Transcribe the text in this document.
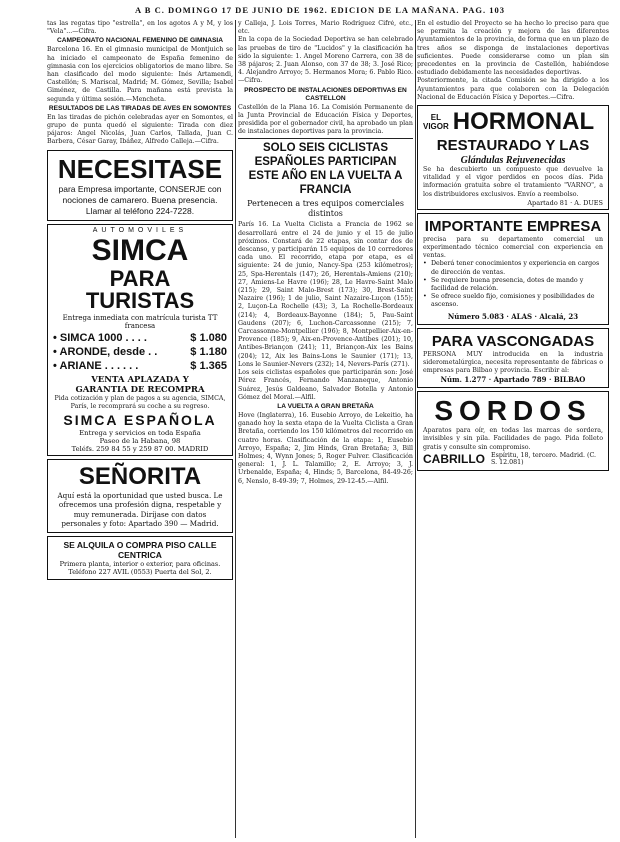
A B C. DOMINGO 17 DE JUNIO DE 1962. EDICION DE LA MAÑANA. PAG. 103

tas las regatas tipo "estrella", en los agotos A y M, y los "Vela"...—Cifra.

CAMPEONATO NACIONAL FEMENINO DE GIMNASIA

Barcelona 16. En el gimnasio municipal de Montjuich se ha iniciado el campeonato de España femenino de gimnasia con los ejercicios obligatorios de mano libre. Se han clasificado del modo siguiente: Inés Artamendi, Castellón; S. Mariscal, Madrid; M. Gómez, Sevilla; Isabel Giménez, de Castilla. Para mañana está prevista la segunda y última sesión.—Mencheta.

RESULTADOS DE LAS TIRADAS DE AVES EN SOMONTES

En las tiradas de pichón celebradas ayer en Somontes, el grupo de punta quedó el siguiente: Tirada con diez pájaros: Angel Nicolás, Juan Carlos, Tallada, Juan C. Barbera, César Garay, Ibáñez, Alfredo Calleja.—Cifra.

NECESITASE
para Empresa importante, CONSERJE con nociones de camarero. Buena presencia. Llamar al teléfono 224-7228.
AUTOMOVILES
SIMCA
PARA TURISTAS
Entrega inmediata con matrícula turista TT francesa
• SIMCA 1000 . . . .	$ 1.080
• ARONDE, desde . .	$ 1.180
• ARIANE . . . . . .	$ 1.365
VENTA APLAZADA Y
GARANTIA DE RECOMPRA
Pida cotización y plan de pagos a su agencia, SIMCA, París, le recomprará su coche a su regreso.
SIMCA ESPAÑOLA
Entrega y servicios en toda España
Paseo de la Habana, 98
Teléfs. 259 84 55 y 259 87 00. MADRID
SEÑORITA
Aquí está la oportunidad que usted busca. Le ofrecemos una profesión digna, respetable y muy remunerada. Diríjase con datos personales y foto: Apartado 390 — Madrid.
SE ALQUILA O COMPRA PISO CALLE CENTRICA
Primera planta, interior o exterior, para oficinas. Teléfono 227 AVIL (0553) Puerta del Sol, 2.

y Calleja, J. Lois Torres, Mario Rodríguez Cifré, etc., etc.

En la copa de la Sociedad Deportiva se han celebrado las pruebas de tiro de "Lucidos" y la clasificación ha sido la siguiente: 1. Angel Moreno Carrera, con 38 de 38 pájaros; 2. Juan Alonso, con 37 de 38; 3. José Rico; 4. Alejandro Arroyo; 5. Hermanos Mora; 6. Pablo Rico.—Cifra.

PROSPECTO DE INSTALACIONES DEPORTIVAS EN CASTELLON

Castellón de la Plana 16. La Comisión Permanente de la Junta Provincial de Educación Física y Deportes, presidida por el gobernador civil, ha aprobado un plan de instalaciones deportivas para la provincia.

SOLO SEIS CICLISTAS ESPAÑOLES PARTICIPAN ESTE AÑO EN LA VUELTA A FRANCIA
Pertenecen a tres equipos comerciales distintos

París 16. La Vuelta Ciclista a Francia de 1962 se desarrollará entre el 24 de junio y el 15 de julio próximos. Constará de 22 etapas, sin contar dos de descanso, y participarán 15 equipos de 10 corredores cada uno. El recorrido, etapa por etapa, es el siguiente: 24 de junio, Nancy-Spa (253 kilómetros); 25, Spa-Herentals (147); 26, Herentals-Amiens (210); 27, Amiens-Le Havre (196); 28, Le Havre-Saint Malo (215); 29, Saint Malo-Brest (173); 30, Brest-Saint Nazaire (196); 1 de julio, Saint Nazaire-Luçon (155); 2, Luçon-La Rochelle (43); 3, La Rochelle-Bordeaux (214); 4, Bordeaux-Bayonne (184); 5, Pau-Saint Gaudens (207); 6, Luchon-Carcassonne (215); 7, Carcassonne-Montpellier (196); 8, Montpellier-Aix-en-Provence (185); 9, Aix-en-Provence-Antibes (201); 10, Antibes-Briançon (241); 11, Briançon-Aix les Bains (204); 12, Aix les Bains-Lons le Saunier (171); 13, Lons le Saunier-Nevers (232); 14, Nevers-París (271).

Los seis ciclistas españoles que participarán son: José Pérez Francés, Fernando Manzaneque, Antonio Suárez, Jesús Galdeano, Salvador Botella y Antonio Gómez del Moral.—Alfil.

LA VUELTA A GRAN BRETAÑA

Hove (Inglaterra), 16. Eusebio Arroyo, de Lekeitio, ha ganado hoy la sexta etapa de la Vuelta Ciclista a Gran Bretaña, corriendo los 150 kilómetros del recorrido en cuatro horas. Clasificación de la etapa: 1, Eusebio Arroyo, España; 2, Jim Hinds, Gran Bretaña; 3, Bill Holmes; 4, Wynn Jones; 5, Roger Fulver. Clasificación general: 1, J. L. Talamillo; 2, E. Arroyo; 3, J. Urbenalde, España; 4, Hinds; 5, Barcelona, 84-49-26; 6, Nenslo, 8-49-39; 7, Holmes, 29-12-45.—Alfil.

En el estudio del Proyecto se ha hecho lo preciso para que se permita la creación y mejora de las diferentes Ayuntamientos de la provincia, de forma que en un plazo de tres años se disponga de instalaciones deportivas suficientes. Puede considerarse como un plan sin precedentes en la provincia de Castellón, habiéndose estudiado debidamente las necesidades deportivas.

Posteriormente, la citada Comisión se ha dirigido a los Ayuntamientos para que colaboren con la Delegación Nacional de Educación Física y Deportes.—Cifra.

EL
VIGOR HORMONAL
RESTAURADO Y LAS
Glándulas Rejuvenecidas

Se ha descubierto un compuesto que devuelve la vitalidad y el vigor perdidos en pocos días. Pida información gratuita sobre el tratamiento "VARNO", a los distribuidores exclusivos. Envío a reembolso.

Apartado 81 · A. DUES
IMPORTANTE EMPRESA

precisa para su departamento comercial un experimentado técnico comercial con experiencia en ventas.

• Deberá tener conocimientos y experiencia en cargos de dirección de ventas.
• Se requiere buena presencia, dotes de mando y facilidad de relación.
• Se ofrece sueldo fijo, comisiones y posibilidades de ascenso.
Número 5.083 · ALAS · Alcalá, 23
PARA VASCONGADAS

PERSONA MUY introducida en la industria siderometalúrgica, necesita representante de fábricas o empresas para Bilbao y provincia. Escribir al:

Núm. 1.277 · Apartado 789 · BILBAO
SORDOS

Aparatos para oír, en todas las marcas de sordera, invisibles y sin pila. Facilidades de pago. Pida folleto gratis y consulte sin compromiso.

CABRILLO Espíritu, 18, tercero. Madrid. (C. S. 12.081)
